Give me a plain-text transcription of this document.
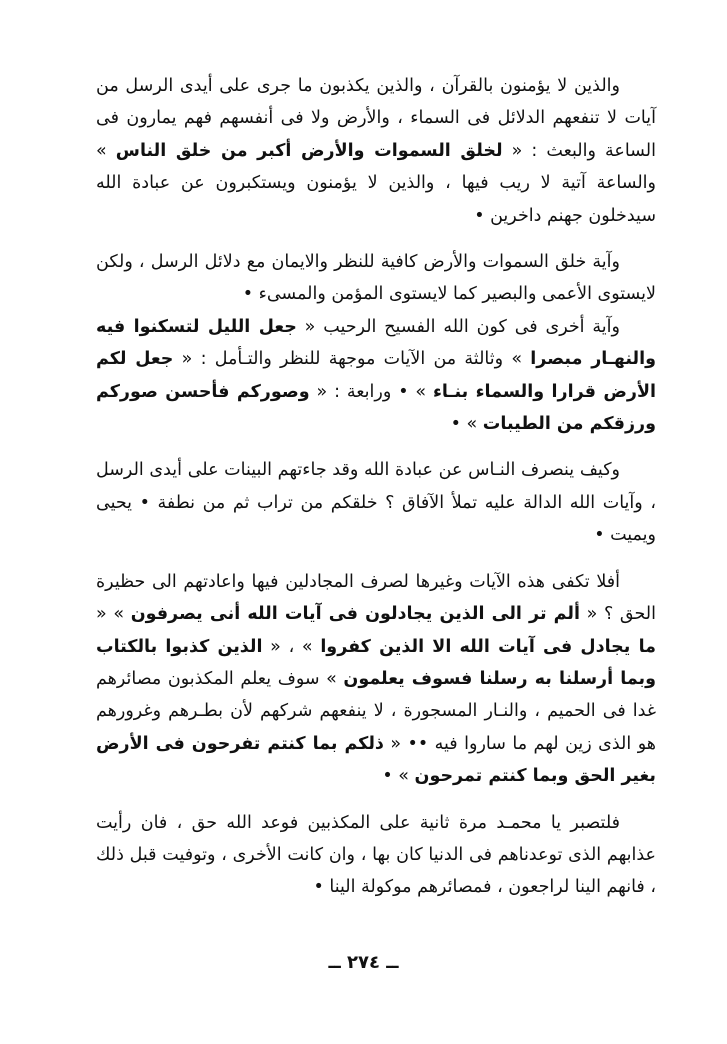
والذين لا يؤمنون بالقرآن ، والذين يكذبون ما جرى على أيدى الرسل من آيات لا تنفعهم الدلائل فى السماء ، والأرض ولا فى أنفسهم فهم يمارون فى الساعة والبعث : « لخلق السموات والأرض أكبر من خلق الناس » والساعة آتية لا ريب فيها ، والذين لا يؤمنون ويستكبرون عن عبادة الله سيدخلون جهنم داخرين •

وآية خلق السموات والأرض كافية للنظر والايمان مع دلائل الرسل ، ولكن لايستوى الأعمى والبصير كما لايستوى المؤمن والمسىء •

وآية أخرى فى كون الله الفسيح الرحيب « جعل الليل لتسكنوا فيه والنهـار مبصرا » وثالثة من الآيات موجهة للنظر والتـأمل : « جعل لكم الأرض قرارا والسماء بنـاء » • ورابعة : « وصوركم فأحسن صوركم ورزقكم من الطيبات » •

وكيف ينصرف النـاس عن عبادة الله وقد جاءتهم البينات على أيدى الرسل ، وآيات الله الدالة عليه تملأ الآفاق ؟ خلقكم من تراب ثم من نطفة • يحيى ويميت •

أفلا تكفى هذه الآيات وغيرها لصرف المجادلين فيها واعادتهم الى حظيرة الحق ؟ « ألم تر الى الذين يجادلون فى آيات الله أنى يصرفون » « ما يجادل فى آيات الله الا الذين كفروا » ، « الذين كذبوا بالكتاب وبما أرسلنا به رسلنا فسوف يعلمون » سوف يعلم المكذبون مصائرهم غدا فى الحميم ، والنـار المسجورة ، لا ينفعهم شركهم لأن بطـرهم وغرورهم هو الذى زين لهم ما ساروا فيه •• « ذلكم بما كنتم تفرحون فى الأرض بغير الحق وبما كنتم تمرحون » •

فلتصبر يا محمـد مرة ثانية على المكذبين فوعد الله حق ، فان رأيت عذابهم الذى توعدناهم فى الدنيا كان بها ، وان كانت الأخرى ، وتوفيت قبل ذلك ، فانهم الينا لراجعون ، فمصائرهم موكولة الينا •

ــ ٢٧٤ ــ
